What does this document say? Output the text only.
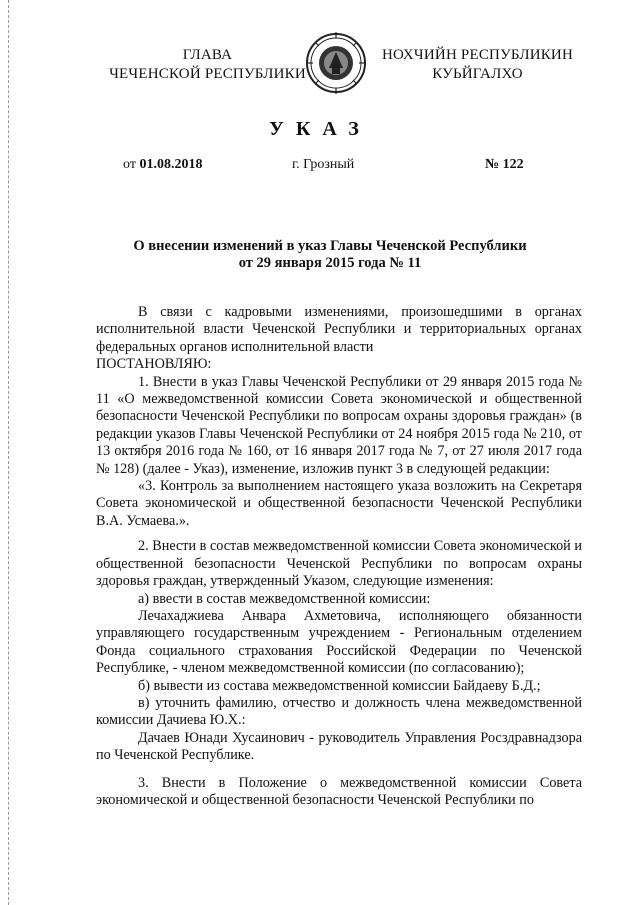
ГЛАВА
ЧЕЧЕНСКОЙ РЕСПУБЛИКИ
НОХЧИЙН РЕСПУБЛИКИН
КУЬЙГАЛХО
УКАЗ
от 01.08.2018	г. Грозный	№ 122
О внесении изменений в указ Главы Чеченской Республики
от 29 января 2015 года № 11

В связи с кадровыми изменениями, произошедшими в органах исполнительной власти Чеченской Республики и территориальных органах федеральных органов исполнительной власти

ПОСТАНОВЛЯЮ:

1. Внести в указ Главы Чеченской Республики от 29 января 2015 года № 11 «О межведомственной комиссии Совета экономической и общественной безопасности Чеченской Республики по вопросам охраны здоровья граждан» (в редакции указов Главы Чеченской Республики от 24 ноября 2015 года № 210, от 13 октября 2016 года № 160, от 16 января 2017 года № 7, от 27 июля 2017 года № 128) (далее - Указ), изменение, изложив пункт 3 в следующей редакции:

«3. Контроль за выполнением настоящего указа возложить на Секретаря Совета экономической и общественной безопасности Чеченской Республики В.А. Усмаева.».

2. Внести в состав межведомственной комиссии Совета экономической и общественной безопасности Чеченской Республики по вопросам охраны здоровья граждан, утвержденный Указом, следующие изменения:

а) ввести в состав межведомственной комиссии:

Лечахаджиева Анвара Ахметовича, исполняющего обязанности управляющего государственным учреждением - Региональным отделением Фонда социального страхования Российской Федерации по Чеченской Республике, - членом межведомственной комиссии (по согласованию);

б) вывести из состава межведомственной комиссии Байдаеву Б.Д.;

в) уточнить фамилию, отчество и должность члена межведомственной комиссии Дачиева Ю.Х.:

Дачаев Юнади Хусаинович - руководитель Управления Росздравнадзора по Чеченской Республике.

3. Внести в Положение о межведомственной комиссии Совета экономической и общественной безопасности Чеченской Республики по
